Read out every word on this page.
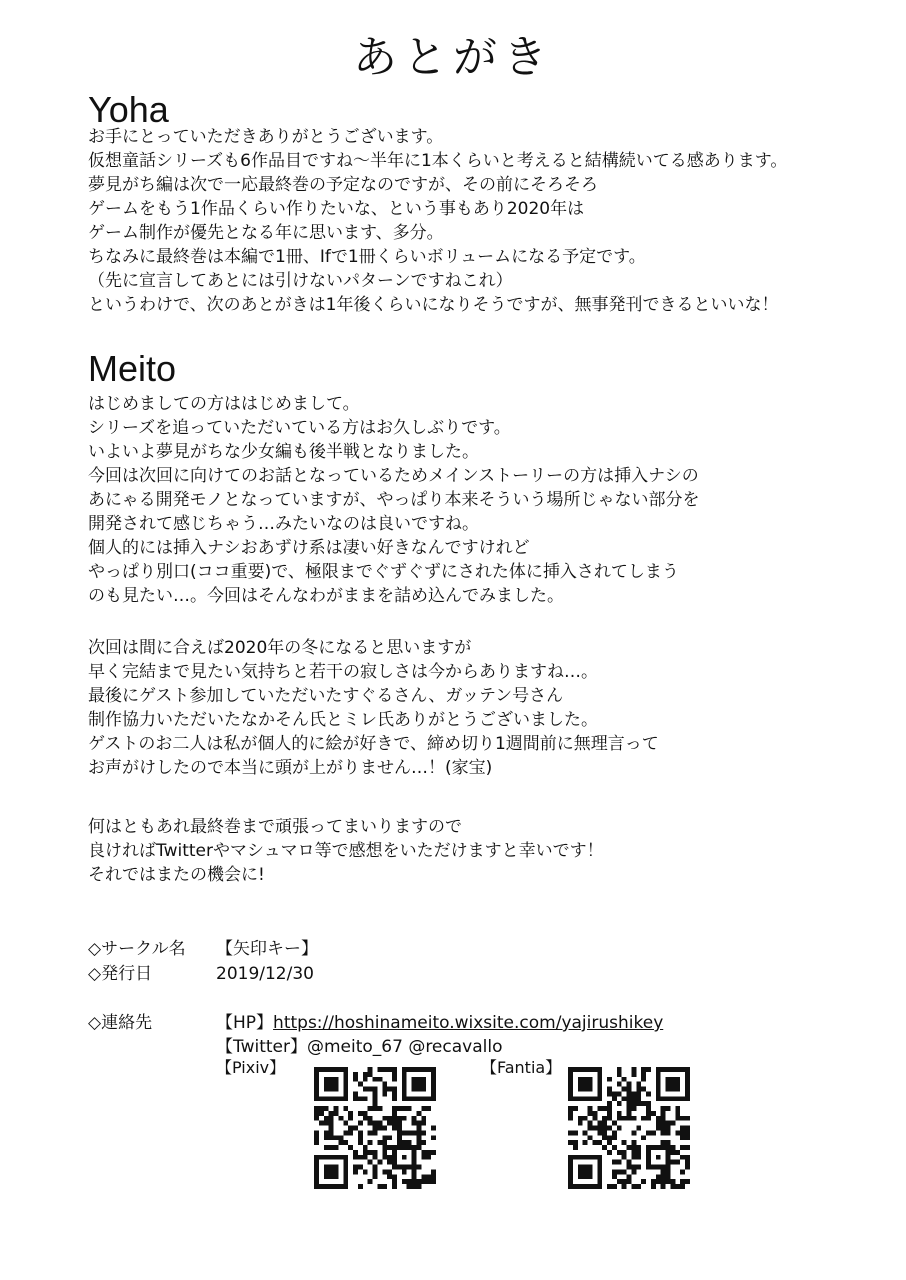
あとがき
Yoha
お手にとっていただきありがとうございます。
仮想童話シリーズも6作品目ですね〜半年に1本くらいと考えると結構続いてる感あります。
夢見がち編は次で一応最終巻の予定なのですが、その前にそろそろ
ゲームをもう1作品くらい作りたいな、という事もあり2020年は
ゲーム制作が優先となる年に思います、多分。
ちなみに最終巻は本編で1冊、Ifで1冊くらいボリュームになる予定です。
（先に宣言してあとには引けないパターンですねこれ）
というわけで、次のあとがきは1年後くらいになりそうですが、無事発刊できるといいな！
Meito
はじめましての方ははじめまして。
シリーズを追っていただいている方はお久しぶりです。
いよいよ夢見がちな少女編も後半戦となりました。
今回は次回に向けてのお話となっているためメインストーリーの方は挿入ナシの
あにゃる開発モノとなっていますが、やっぱり本来そういう場所じゃない部分を
開発されて感じちゃう…みたいなのは良いですね。
個人的には挿入ナシおあずけ系は凄い好きなんですけれど
やっぱり別口(ココ重要)で、極限までぐずぐずにされた体に挿入されてしまう
のも見たい…。今回はそんなわがままを詰め込んでみました。
次回は間に合えば2020年の冬になると思いますが
早く完結まで見たい気持ちと若干の寂しさは今からありますね…。
最後にゲスト参加していただいたすぐるさん、ガッテン号さん
制作協力いただいたなかそん氏とミレ氏ありがとうございました。
ゲストのお二人は私が個人的に絵が好きで、締め切り1週間前に無理言って
お声がけしたので本当に頭が上がりません…！(家宝)
何はともあれ最終巻まで頑張ってまいりますので
良ければTwitterやマシュマロ等で感想をいただけますと幸いです！
それではまたの機会に!
◇サークル名 【矢印キー】
◇発行日	2019/12/30
◇連絡先	【HP】https://hoshinameito.wixsite.com/yajirushikey
【Twitter】@meito_67 @recavallo
【Pixiv】	【Fantia】
